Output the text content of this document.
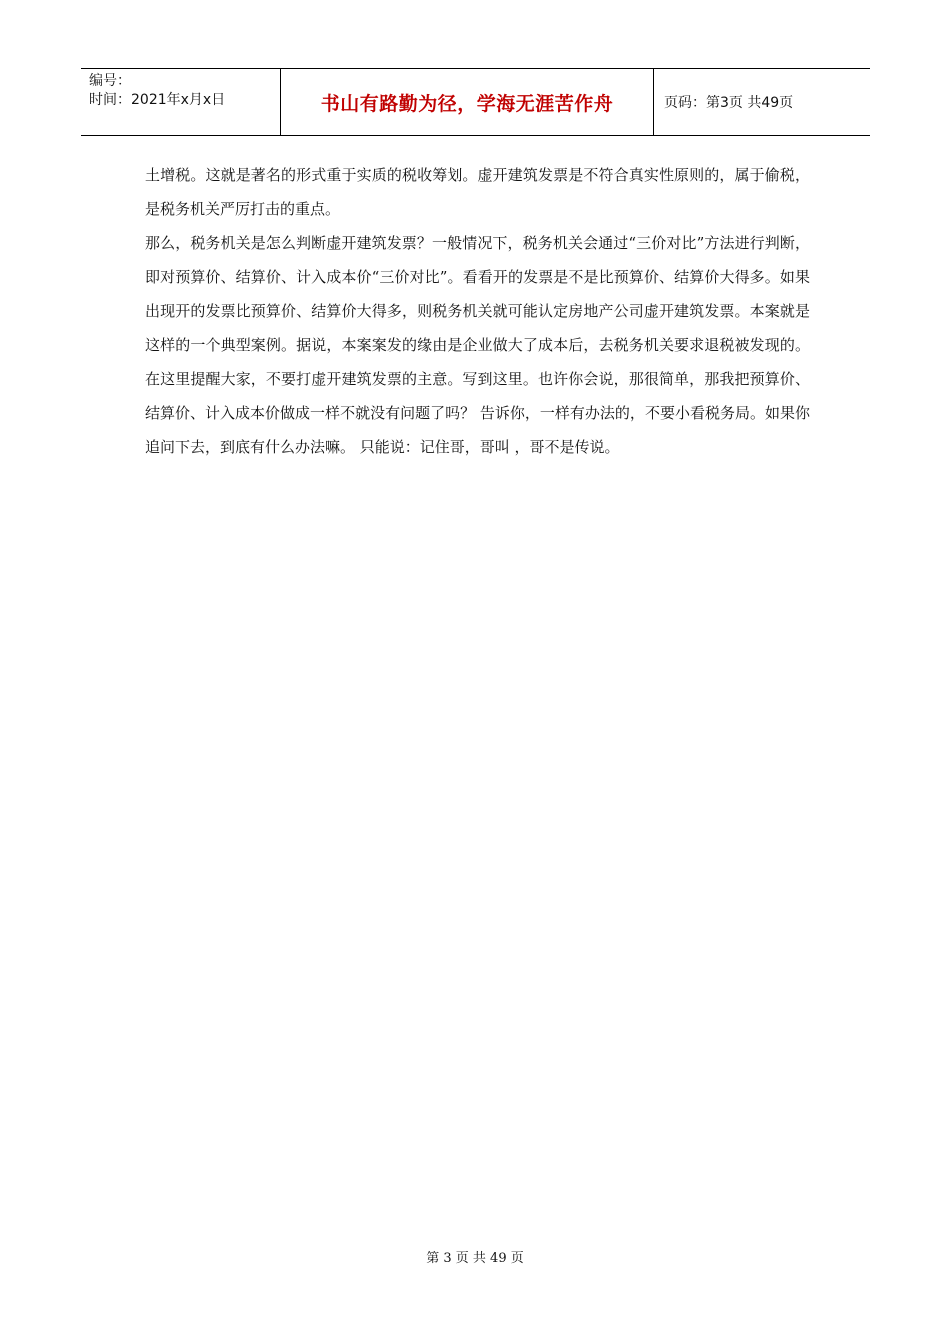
编号：
时间：2021年x月x日	书山有路勤为径，学海无涯苦作舟	页码：第3页 共49页

土增税。这就是著名的形式重于实质的税收筹划。虚开建筑发票是不符合真实性原则的，属于偷税，是税务机关严厉打击的重点。

那么，税务机关是怎么判断虚开建筑发票？一般情况下，税务机关会通过“三价对比”方法进行判断，即对预算价、结算价、计入成本价“三价对比”。看看开的发票是不是比预算价、结算价大得多。如果出现开的发票比预算价、结算价大得多，则税务机关就可能认定房地产公司虚开建筑发票。本案就是这样的一个典型案例。据说，本案案发的缘由是企业做大了成本后，去税务机关要求退税被发现的。 在这里提醒大家，不要打虚开建筑发票的主意。写到这里。也许你会说，那很简单，那我把预算价、结算价、计入成本价做成一样不就没有问题了吗？ 告诉你，一样有办法的，不要小看税务局。如果你追问下去，到底有什么办法嘛。 只能说：记住哥，哥叫 ，哥不是传说。

第 3 页 共 49 页
